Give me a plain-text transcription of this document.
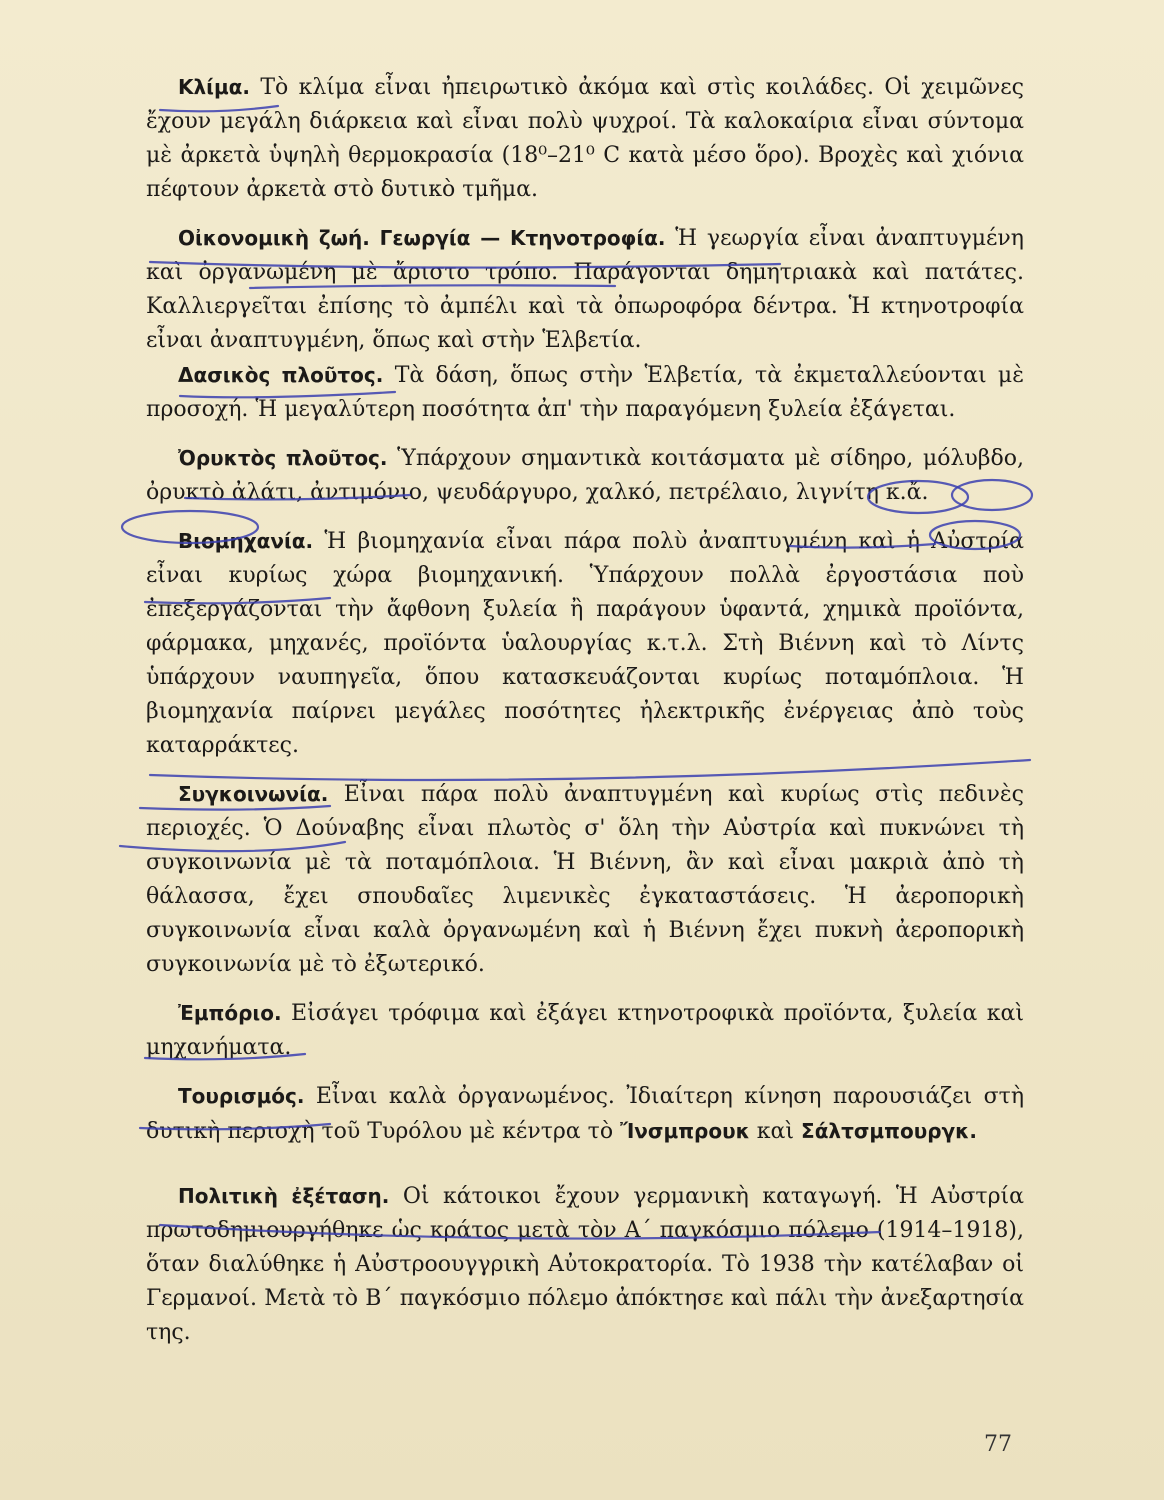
Κλίμα. Τὸ κλίμα εἶναι ἠπειρωτικὸ ἀκόμα καὶ στὶς κοιλάδες. Οἱ χειμῶνες ἔχουν μεγάλη διάρκεια καὶ εἶναι πολὺ ψυχροί. Τὰ καλοκαίρια εἶναι σύντομα μὲ ἀρκετὰ ὑψηλὴ θερμοκρασία (18⁰–21⁰ C κατὰ μέσο ὅρο). Βροχὲς καὶ χιόνια πέφτουν ἀρκετὰ στὸ δυτικὸ τμῆμα.

Οἰκονομικὴ ζωή. Γεωργία — Κτηνοτροφία. Ἡ γεωργία εἶναι ἀναπτυγμένη καὶ ὀργανωμένη μὲ ἄριστο τρόπο. Παράγονται δημητριακὰ καὶ πατάτες. Καλλιεργεῖται ἐπίσης τὸ ἀμπέλι καὶ τὰ ὀπωροφόρα δέντρα. Ἡ κτηνοτροφία εἶναι ἀναπτυγμένη, ὅπως καὶ στὴν Ἑλβετία.

Δασικὸς πλοῦτος. Τὰ δάση, ὅπως στὴν Ἑλβετία, τὰ ἐκμεταλλεύονται μὲ προσοχή. Ἡ μεγαλύτερη ποσότητα ἀπ' τὴν παραγόμενη ξυλεία ἐξάγεται.

Ὀρυκτὸς πλοῦτος. Ὑπάρχουν σημαντικὰ κοιτάσματα μὲ σίδηρο, μόλυβδο, ὀρυκτὸ ἀλάτι, ἀντιμόνιο, ψευδάργυρο, χαλκό, πετρέλαιο, λιγνίτη κ.ἄ.

Βιομηχανία. Ἡ βιομηχανία εἶναι πάρα πολὺ ἀναπτυγμένη καὶ ἡ Αὐστρία εἶναι κυρίως χώρα βιομηχανική. Ὑπάρχουν πολλὰ ἐργοστάσια ποὺ ἐπεξεργάζονται τὴν ἄφθονη ξυλεία ἢ παράγουν ὑφαντά, χημικὰ προϊόντα, φάρμακα, μηχανές, προϊόντα ὑαλουργίας κ.τ.λ. Στὴ Βιέννη καὶ τὸ Λίντς ὑπάρχουν ναυπηγεῖα, ὅπου κατασκευάζονται κυρίως ποταμόπλοια. Ἡ βιομηχανία παίρνει μεγάλες ποσότητες ἠλεκτρικῆς ἐνέργειας ἀπὸ τοὺς καταρράκτες.

Συγκοινωνία. Εἶναι πάρα πολὺ ἀναπτυγμένη καὶ κυρίως στὶς πεδινὲς περιοχές. Ὁ Δούναβης εἶναι πλωτὸς σ' ὅλη τὴν Αὐστρία καὶ πυκνώνει τὴ συγκοινωνία μὲ τὰ ποταμόπλοια. Ἡ Βιέννη, ἂν καὶ εἶναι μακριὰ ἀπὸ τὴ θάλασσα, ἔχει σπουδαῖες λιμενικὲς ἐγκαταστάσεις. Ἡ ἀεροπορικὴ συγκοινωνία εἶναι καλὰ ὀργανωμένη καὶ ἡ Βιέννη ἔχει πυκνὴ ἀεροπορικὴ συγκοινωνία μὲ τὸ ἐξωτερικό.

Ἐμπόριο. Εἰσάγει τρόφιμα καὶ ἐξάγει κτηνοτροφικὰ προϊόντα, ξυλεία καὶ μηχανήματα.

Τουρισμός. Εἶναι καλὰ ὀργανωμένος. Ἰδιαίτερη κίνηση παρουσιάζει στὴ δυτικὴ περιοχὴ τοῦ Τυρόλου μὲ κέντρα τὸ Ἴνσμπρουκ καὶ Σάλτσμπουργκ.

Πολιτικὴ ἐξέταση. Οἱ κάτοικοι ἔχουν γερμανικὴ καταγωγή. Ἡ Αὐστρία πρωτοδημιουργήθηκε ὡς κράτος μετὰ τὸν Α΄ παγκόσμιο πόλεμο (1914–1918), ὅταν διαλύθηκε ἡ Αὐστροουγγρικὴ Αὐτοκρατορία. Τὸ 1938 τὴν κατέλαβαν οἱ Γερμανοί. Μετὰ τὸ Β΄ παγκόσμιο πόλεμο ἀπόκτησε καὶ πάλι τὴν ἀνεξαρτησία της.

77
